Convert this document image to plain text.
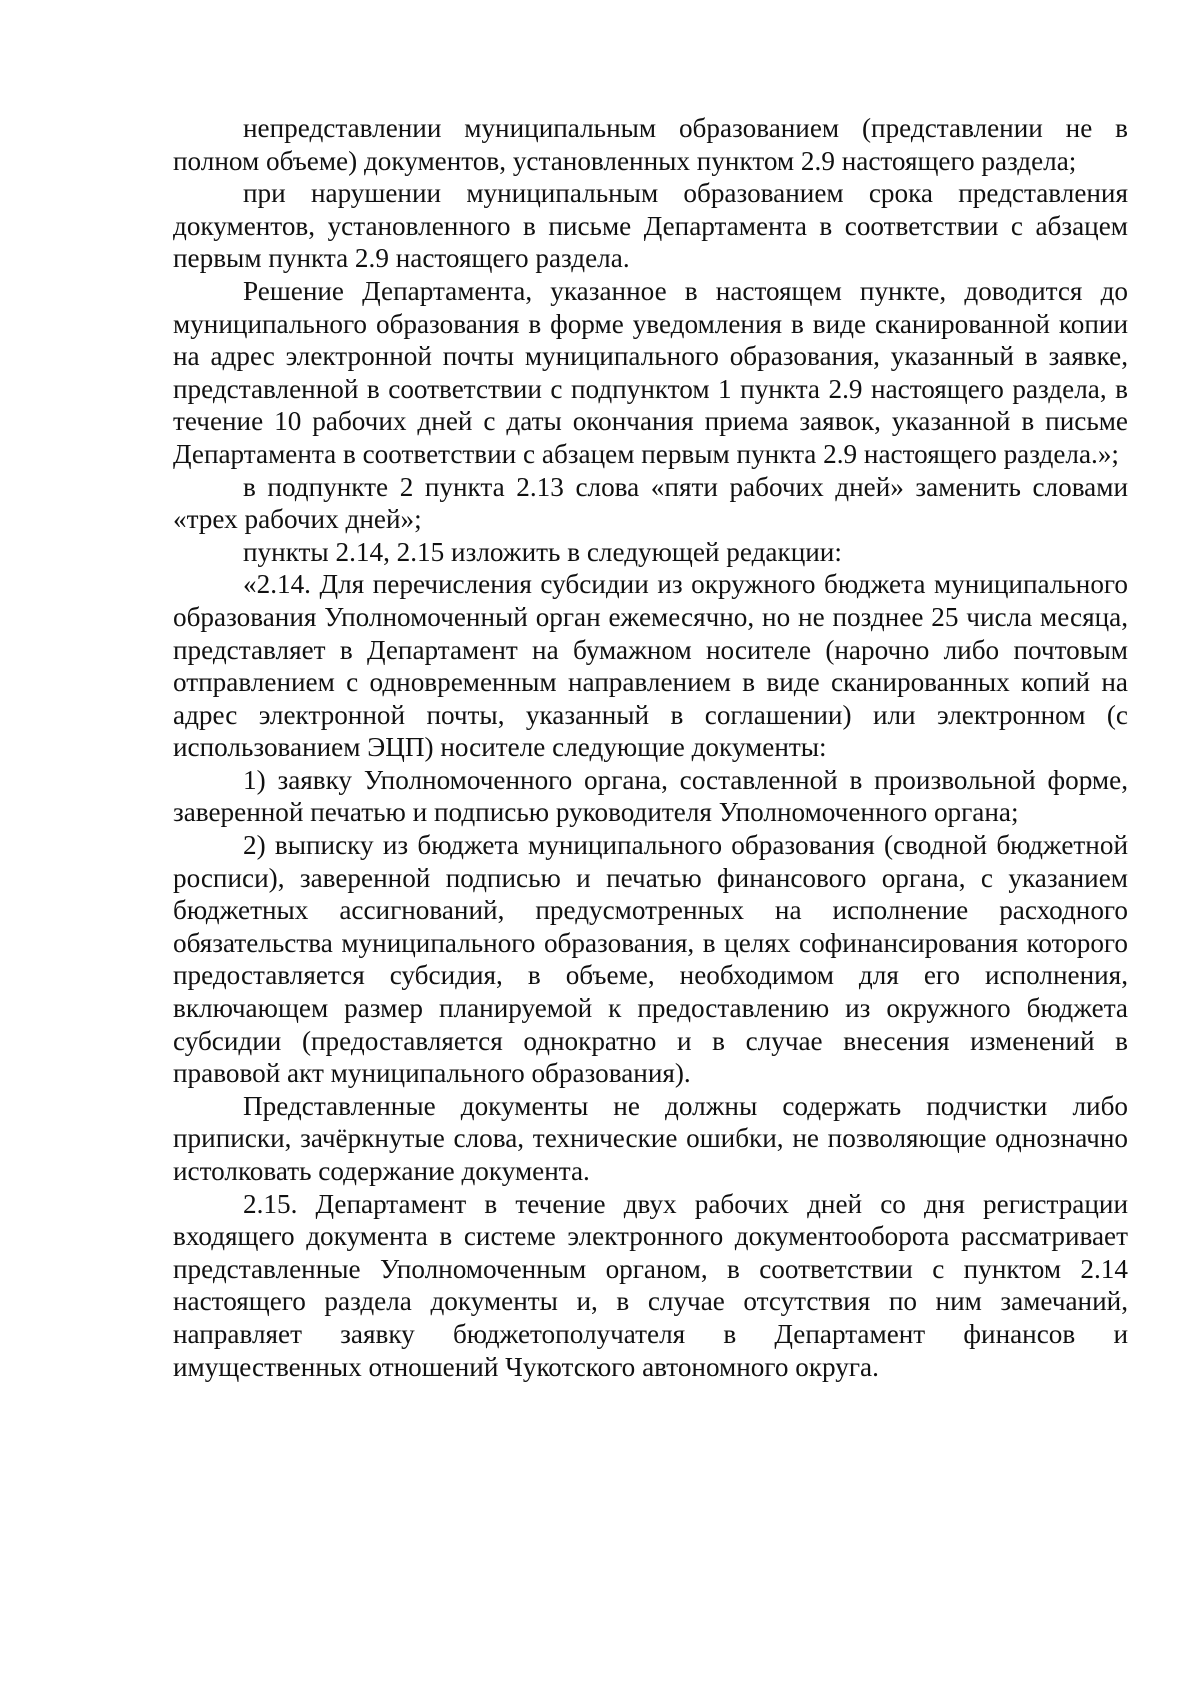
непредставлении муниципальным образованием (представлении не в полном объеме) документов, установленных пунктом 2.9 настоящего раздела;

при нарушении муниципальным образованием срока представления документов, установленного в письме Департамента в соответствии с абзацем первым пункта 2.9 настоящего раздела.

Решение Департамента, указанное в настоящем пункте, доводится до муниципального образования в форме уведомления в виде сканированной копии на адрес электронной почты муниципального образования, указанный в заявке, представленной в соответствии с подпунктом 1 пункта 2.9 настоящего раздела, в течение 10 рабочих дней с даты окончания приема заявок, указанной в письме Департамента в соответствии с абзацем первым пункта 2.9 настоящего раздела.»;

в подпункте 2 пункта 2.13 слова «пяти рабочих дней» заменить словами «трех рабочих дней»;

пункты 2.14, 2.15 изложить в следующей редакции:

«2.14. Для перечисления субсидии из окружного бюджета муниципального образования Уполномоченный орган ежемесячно, но не позднее 25 числа месяца, представляет в Департамент на бумажном носителе (нарочно либо почтовым отправлением с одновременным направлением в виде сканированных копий на адрес электронной почты, указанный в соглашении) или электронном (с использованием ЭЦП) носителе следующие документы:

1) заявку Уполномоченного органа, составленной в произвольной форме, заверенной печатью и подписью руководителя Уполномоченного органа;

2) выписку из бюджета муниципального образования (сводной бюджетной росписи), заверенной подписью и печатью финансового органа, с указанием бюджетных ассигнований, предусмотренных на исполнение расходного обязательства муниципального образования, в целях софинансирования которого предоставляется субсидия, в объеме, необходимом для его исполнения, включающем размер планируемой к предоставлению из окружного бюджета субсидии (предоставляется однократно и в случае внесения изменений в правовой акт муниципального образования).

Представленные документы не должны содержать подчистки либо приписки, зачёркнутые слова, технические ошибки, не позволяющие однозначно истолковать содержание документа.

2.15. Департамент в течение двух рабочих дней со дня регистрации входящего документа в системе электронного документооборота рассматривает представленные Уполномоченным органом, в соответствии с пунктом 2.14 настоящего раздела документы и, в случае отсутствия по ним замечаний, направляет заявку бюджетополучателя в Департамент финансов и имущественных отношений Чукотского автономного округа.
